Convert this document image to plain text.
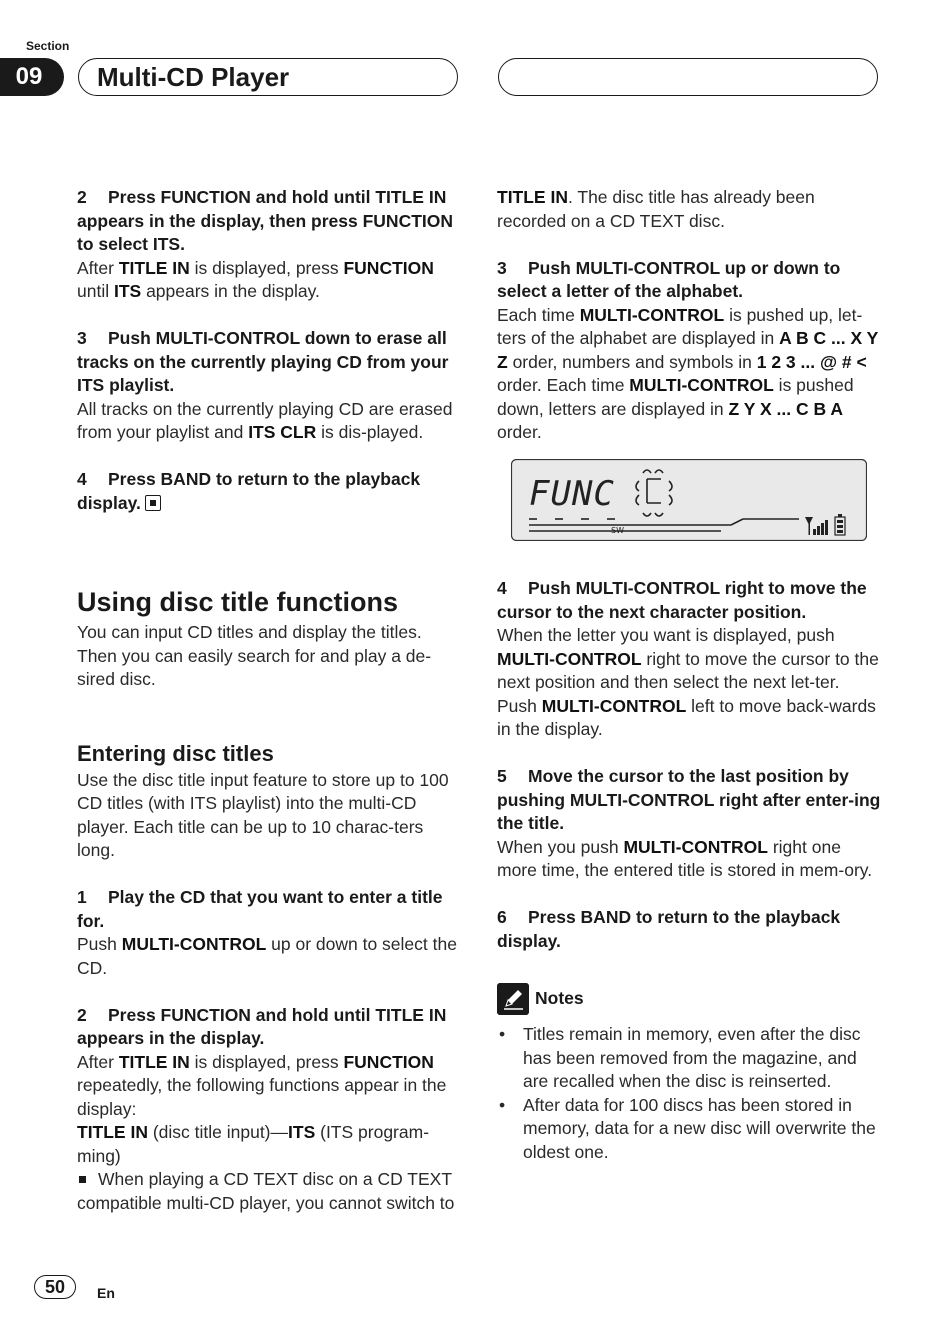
Section
09	Multi-CD Player

2 Press FUNCTION and hold until TITLE IN appears in the display, then press FUNCTION to select ITS.

After TITLE IN is displayed, press FUNCTION until ITS appears in the display.

3 Push MULTI-CONTROL down to erase all tracks on the currently playing CD from your ITS playlist.

All tracks on the currently playing CD are erased from your playlist and ITS CLR is dis-played.

4 Press BAND to return to the playback display.

Using disc title functions

You can input CD titles and display the titles. Then you can easily search for and play a de-sired disc.

Entering disc titles

Use the disc title input feature to store up to 100 CD titles (with ITS playlist) into the multi-CD player. Each title can be up to 10 charac-ters long.

1 Play the CD that you want to enter a title for.

Push MULTI-CONTROL up or down to select the CD.

2 Press FUNCTION and hold until TITLE IN appears in the display.

After TITLE IN is displayed, press FUNCTION repeatedly, the following functions appear in the display:

TITLE IN (disc title input)—ITS (ITS program-ming)

When playing a CD TEXT disc on a CD TEXT compatible multi-CD player, you cannot switch to

TITLE IN. The disc title has already been recorded on a CD TEXT disc.

3 Push MULTI-CONTROL up or down to select a letter of the alphabet.

Each time MULTI-CONTROL is pushed up, let-ters of the alphabet are displayed in A B C ... X Y Z order, numbers and symbols in 1 2 3 ... @ # < order. Each time MULTI-CONTROL is pushed down, letters are displayed in Z Y X ... C B A order.

FUNC
SW

4 Push MULTI-CONTROL right to move the cursor to the next character position.

When the letter you want is displayed, push MULTI-CONTROL right to move the cursor to the next position and then select the next let-ter. Push MULTI-CONTROL left to move back-wards in the display.

5 Move the cursor to the last position by pushing MULTI-CONTROL right after enter-ing the title.

When you push MULTI-CONTROL right one more time, the entered title is stored in mem-ory.

6 Press BAND to return to the playback display.

Notes

• Titles remain in memory, even after the disc has been removed from the magazine, and are recalled when the disc is reinserted.

• After data for 100 discs has been stored in memory, data for a new disc will overwrite the oldest one.

50	En
